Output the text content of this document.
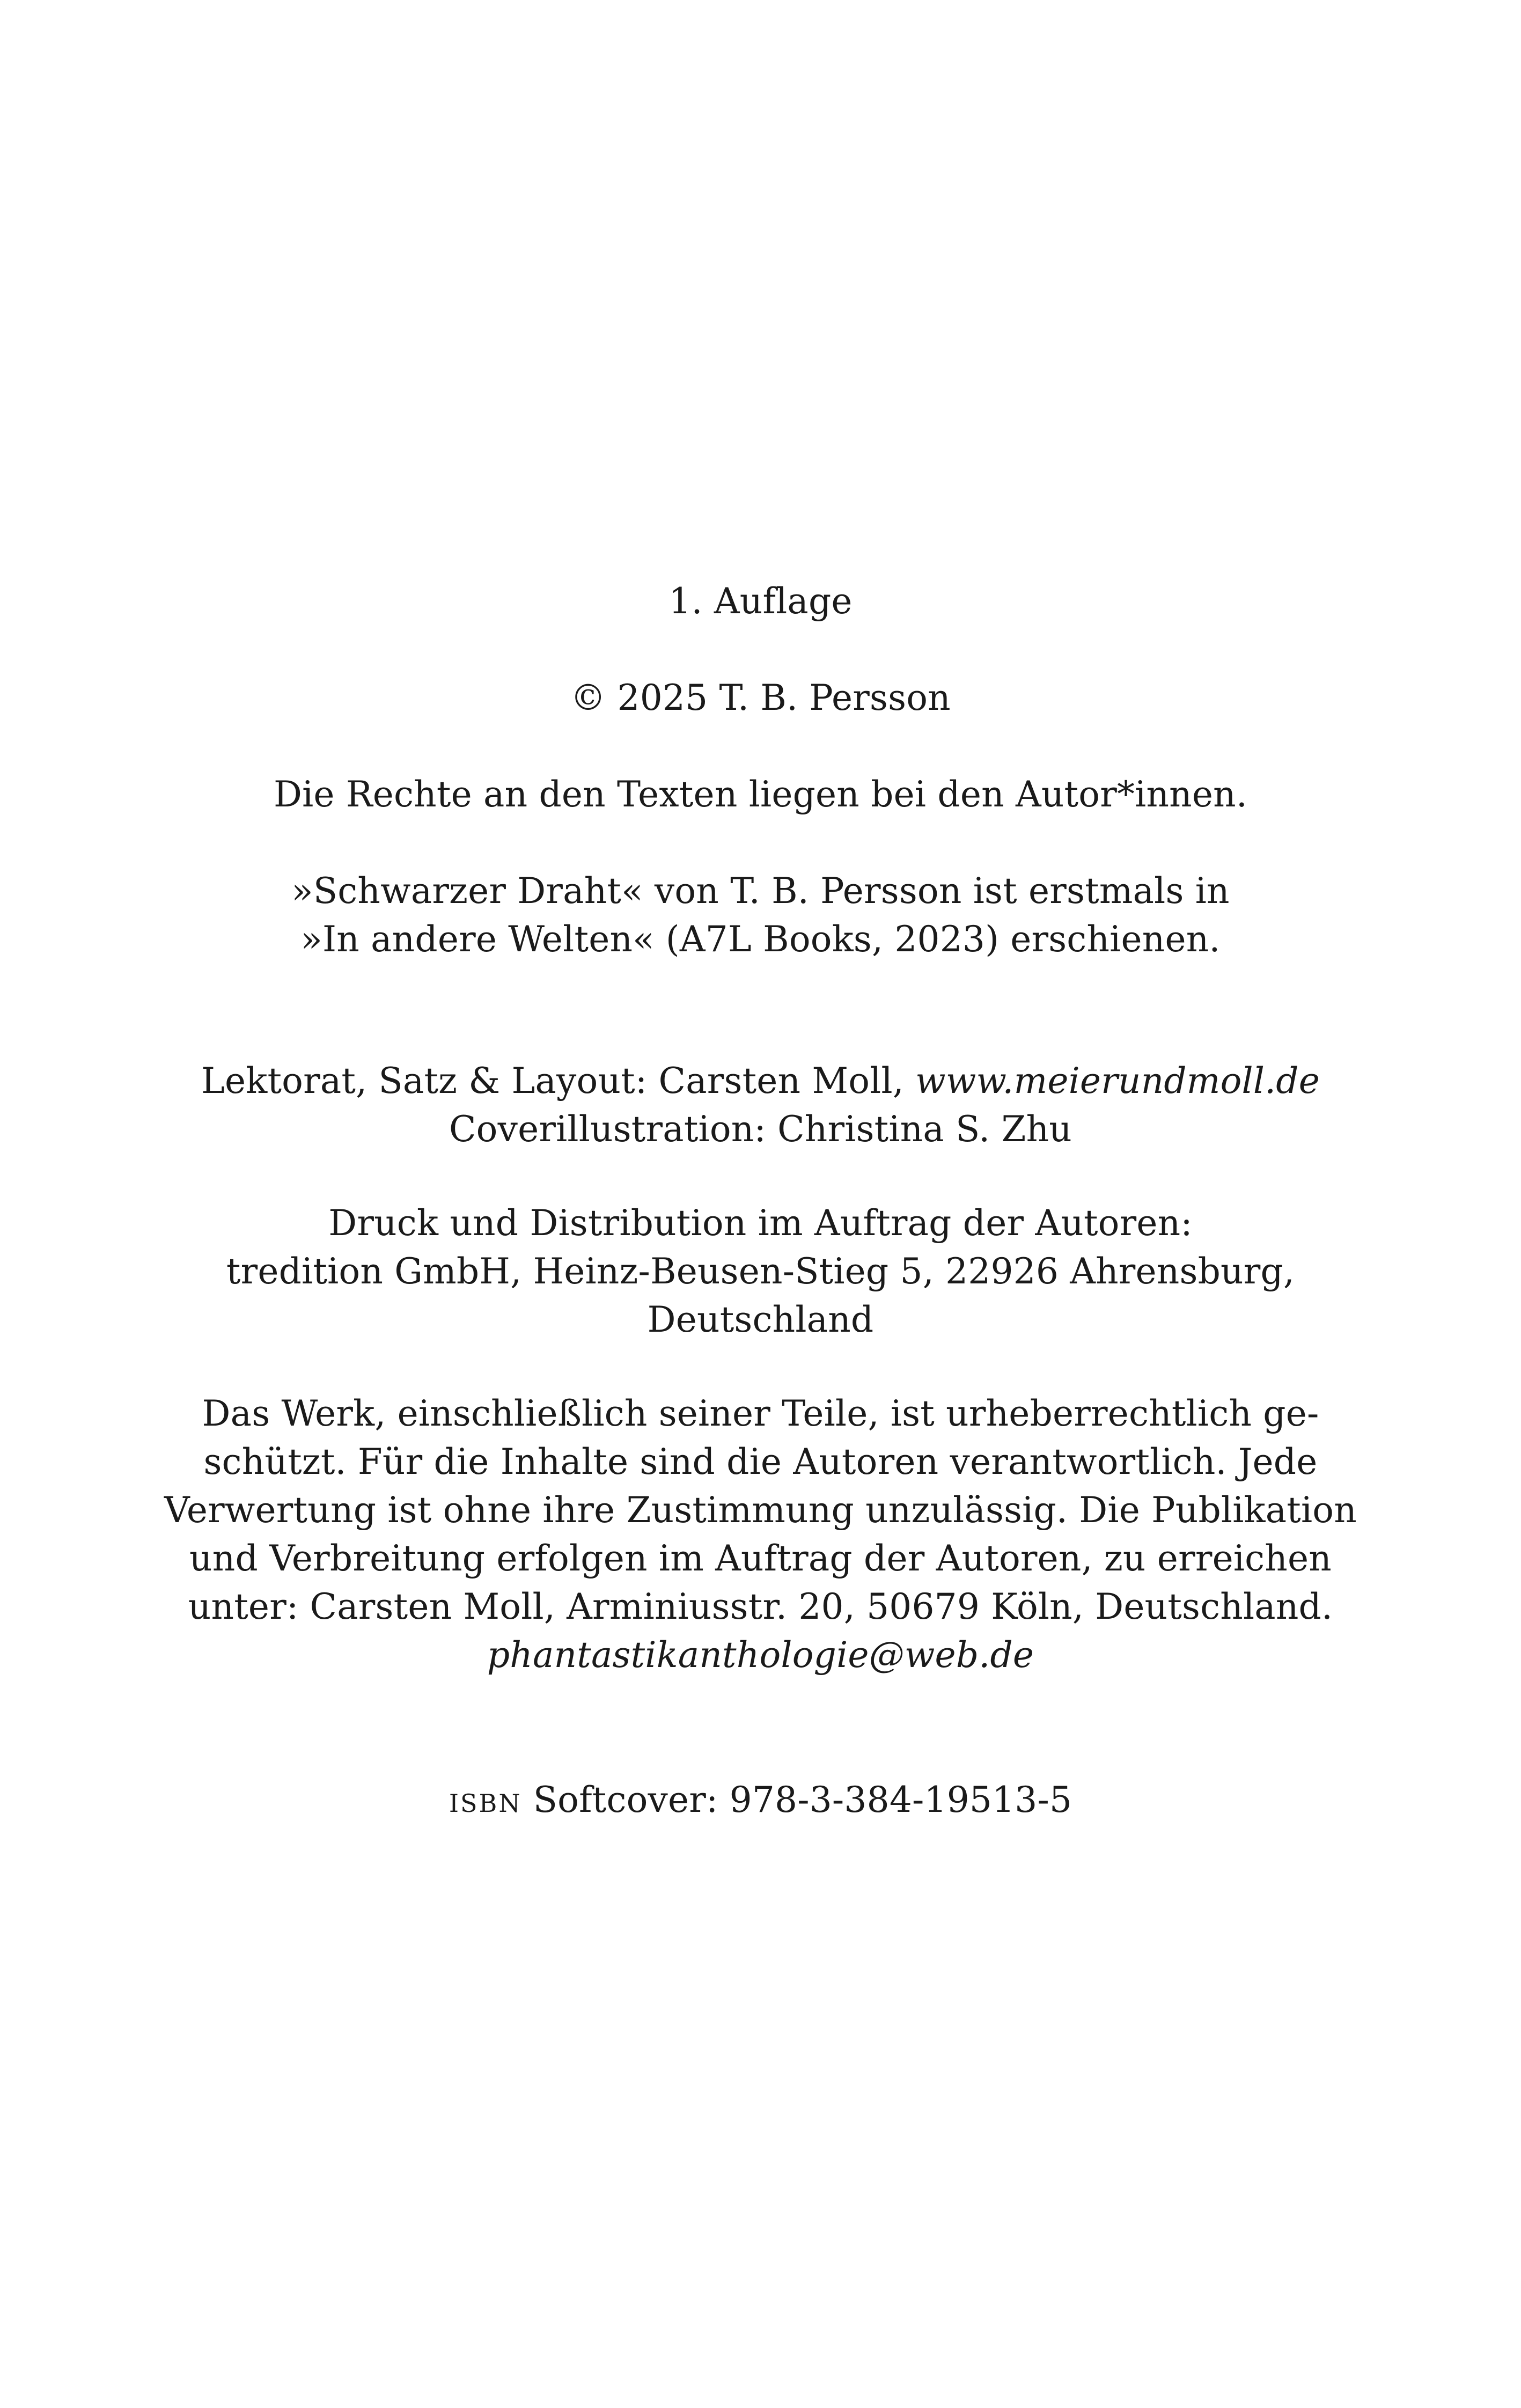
1. Auflage

© 2025 T. B. Persson

Die Rechte an den Texten liegen bei den Autor*innen.

»Schwarzer Draht« von T. B. Persson ist erstmals in

»In andere Welten« (A7L Books, 2023) erschienen.

Lektorat, Satz & Layout: Carsten Moll, www.meierundmoll.de

Coverillustration: Christina S. Zhu

Druck und Distribution im Auftrag der Autoren:

tredition GmbH, Heinz-Beusen-Stieg 5, 22926 Ahrensburg,

Deutschland

Das Werk, einschließlich seiner Teile, ist urheberrechtlich ge-

schützt. Für die Inhalte sind die Autoren verantwortlich. Jede

Verwertung ist ohne ihre Zustimmung unzulässig. Die Publikation

und Verbreitung erfolgen im Auftrag der Autoren, zu erreichen

unter: Carsten Moll, Arminiusstr. 20, 50679 Köln, Deutschland.

phantastikanthologie@web.de

isbn Softcover: 978-3-384-19513-5
